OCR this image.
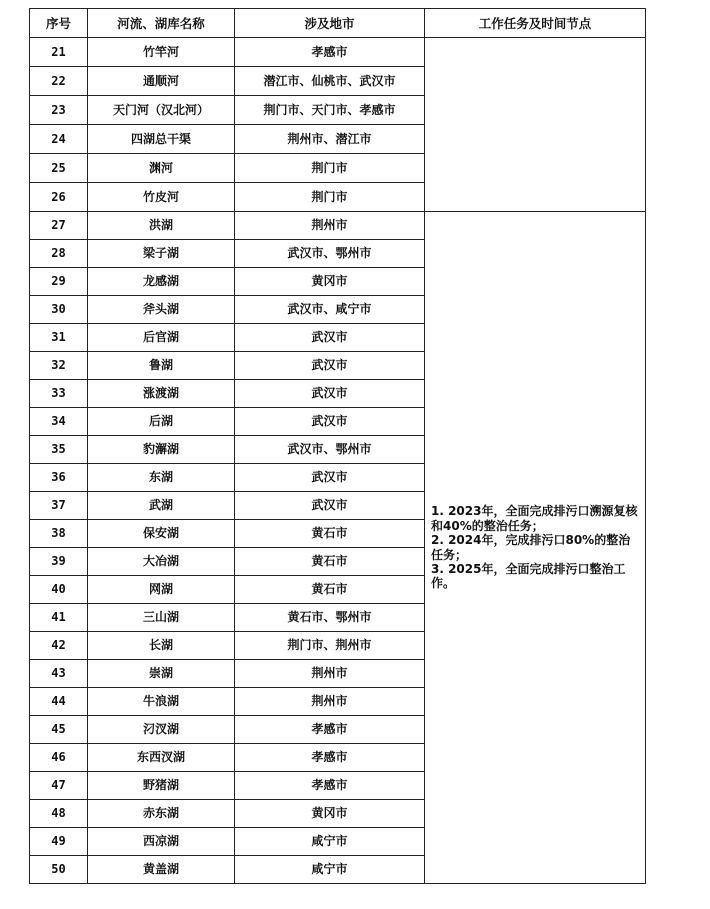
序号	河流、湖库名称	涉及地市	工作任务及时间节点
21	竹竿河	孝感市	
22	通顺河	潜江市、仙桃市、武汉市	
23	天门河（汉北河）	荆门市、天门市、孝感市	
24	四湖总干渠	荆州市、潜江市	
25	渊河	荆门市	
26	竹皮河	荆门市	
27	洪湖	荆州市	1. 2023年，全面完成排污口溯源复核和40%的整治任务；
2. 2024年，完成排污口80%的整治任务；
3. 2025年，全面完成排污口整治工作。

28	梁子湖	武汉市、鄂州市	
29	龙感湖	黄冈市	
30	斧头湖	武汉市、咸宁市	
31	后官湖	武汉市	
32	鲁湖	武汉市	
33	涨渡湖	武汉市	
34	后湖	武汉市	
35	豹澥湖	武汉市、鄂州市	
36	东湖	武汉市	
37	武湖	武汉市	
38	保安湖	黄石市	
39	大冶湖	黄石市	
40	网湖	黄石市	
41	三山湖	黄石市、鄂州市	
42	长湖	荆门市、荆州市	
43	崇湖	荆州市	
44	牛浪湖	荆州市	
45	汈汊湖	孝感市	
46	东西汊湖	孝感市	
47	野猪湖	孝感市	
48	赤东湖	黄冈市	
49	西凉湖	咸宁市	
50	黄盖湖	咸宁市	
